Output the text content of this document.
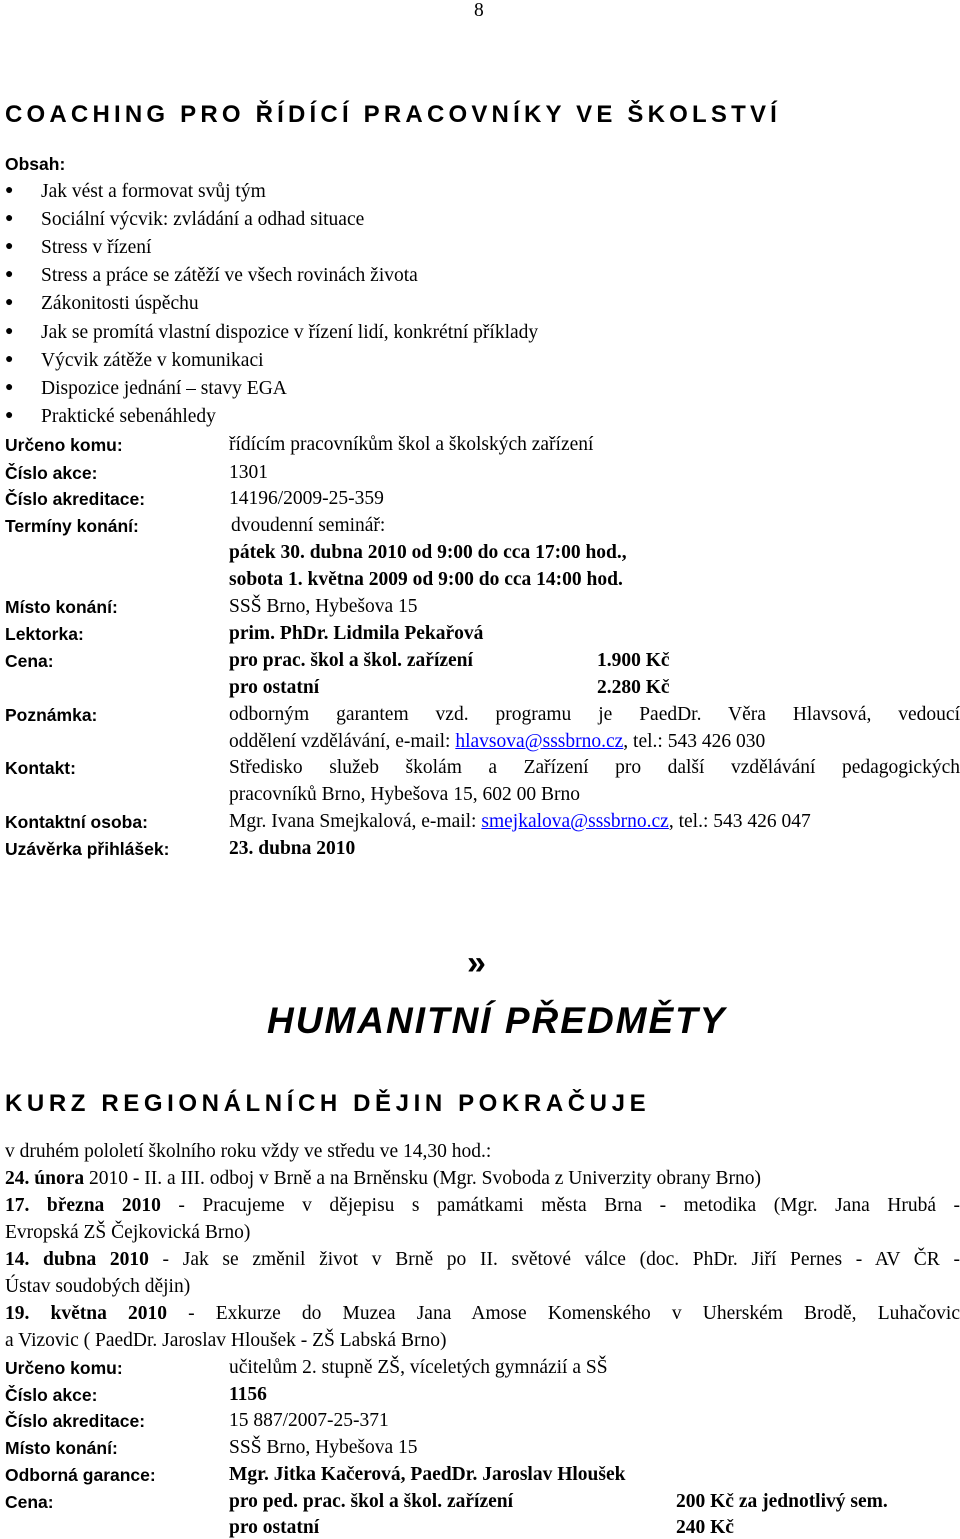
8
COACHING PRO ŘÍDÍCÍ PRACOVNÍKY VE ŠKOLSTVÍ
Obsah:
● Jak vést a formovat svůj tým
● Sociální výcvik: zvládání a odhad situace
● Stress v řízení
● Stress a práce se zátěží ve všech rovinách života
● Zákonitosti úspěchu
● Jak se promítá vlastní dispozice v řízení lidí, konkrétní příklady
● Výcvik zátěže v komunikaci
● Dispozice jednání – stavy EGA
● Praktické sebenáhledy
Určeno komu:	řídícím pracovníkům škol a školských zařízení
Číslo akce:	1301
Číslo akreditace:	14196/2009-25-359
Termíny konání:	dvoudenní seminář:
pátek 30. dubna 2010 od 9:00 do cca 17:00 hod.,
sobota 1. května 2009 od 9:00 do cca 14:00 hod.
Místo konání:	SSŠ Brno, Hybešova 15
Lektorka:	prim. PhDr. Lidmila Pekařová
Cena:	pro prac. škol a škol. zařízení	1.900 Kč
pro ostatní	2.280 Kč
Poznámka:	odborným garantem vzd. programu je PaedDr. Věra Hlavsová, vedoucí
oddělení vzdělávání, e-mail: hlavsova@sssbrno.cz, tel.: 543 426 030
Kontakt:	Středisko služeb školám a Zařízení pro další vzdělávání pedagogických
pracovníků Brno, Hybešova 15, 602 00 Brno
Kontaktní osoba:	Mgr. Ivana Smejkalová, e-mail: smejkalova@sssbrno.cz, tel.: 543 426 047
Uzávěrka přihlášek:	23. dubna 2010
»
HUMANITNÍ PŘEDMĚTY
KURZ REGIONÁLNÍCH DĚJIN POKRAČUJE
v druhém pololetí školního roku vždy ve středu ve 14,30 hod.:
24. února 2010 - II. a III. odboj v Brně a na Brněnsku (Mgr. Svoboda z Univerzity obrany Brno)
17. března 2010 - Pracujeme v dějepisu s památkami města Brna - metodika (Mgr. Jana Hrubá -
Evropská ZŠ Čejkovická Brno)
14. dubna 2010 - Jak se změnil život v Brně po II. světové válce (doc. PhDr. Jiří Pernes - AV ČR -
Ústav soudobých dějin)
19. května 2010 - Exkurze do Muzea Jana Amose Komenského v Uherském Brodě, Luhačovic
a Vizovic ( PaedDr. Jaroslav Hloušek - ZŠ Labská Brno)
Určeno komu:	učitelům 2. stupně ZŠ, víceletých gymnázií a SŠ
Číslo akce:	1156
Číslo akreditace:	15 887/2007-25-371
Místo konání:	SSŠ Brno, Hybešova 15
Odborná garance:	Mgr. Jitka Kačerová, PaedDr. Jaroslav Hloušek
Cena:	pro ped. prac. škol a škol. zařízení	200 Kč za jednotlivý sem.
pro ostatní	240 Kč
